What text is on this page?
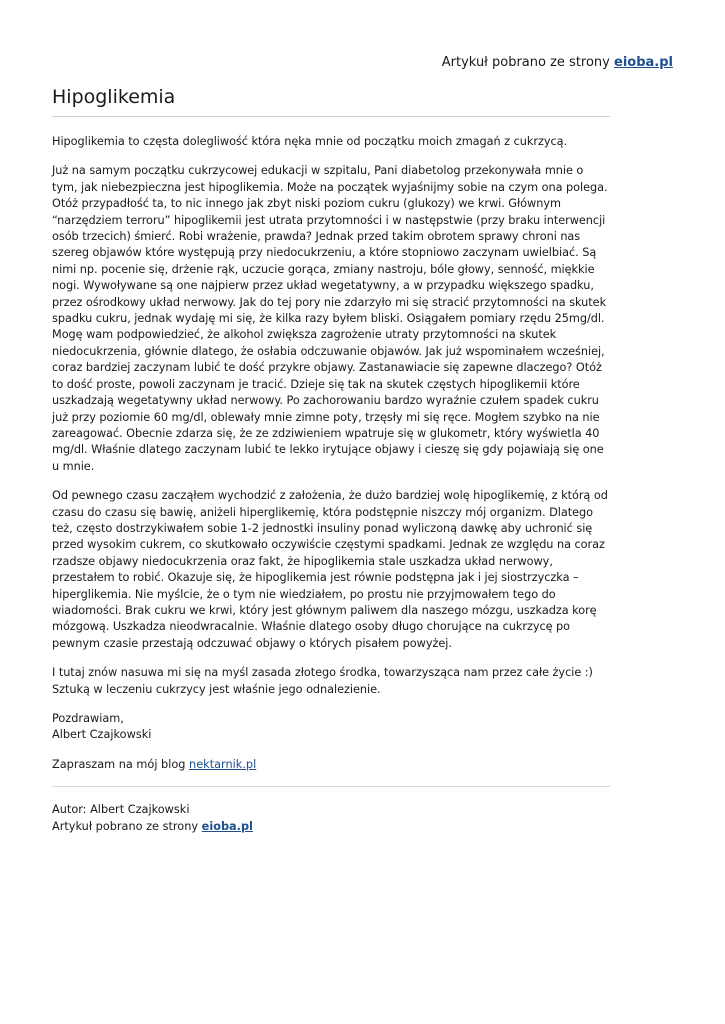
Artykuł pobrano ze strony eioba.pl
Hipoglikemia

Hipoglikemia to częsta dolegliwość która nęka mnie od początku moich zmagań z cukrzycą.

Już na samym początku cukrzycowej edukacji w szpitalu, Pani diabetolog przekonywała mnie o tym, jak niebezpieczna jest hipoglikemia. Może na początek wyjaśnijmy sobie na czym ona polega. Otóż przypadłość ta, to nic innego jak zbyt niski poziom cukru (glukozy) we krwi. Głównym “narzędziem terroru” hipoglikemii jest utrata przytomności i w następstwie (przy braku interwencji osób trzecich) śmierć. Robi wrażenie, prawda? Jednak przed takim obrotem sprawy chroni nas szereg objawów które występują przy niedocukrzeniu, a które stopniowo zaczynam uwielbiać. Są nimi np. pocenie się, drżenie rąk, uczucie gorąca, zmiany nastroju, bóle głowy, senność, miękkie nogi. Wywoływane są one najpierw przez układ wegetatywny, a w przypadku większego spadku, przez ośrodkowy układ nerwowy. Jak do tej pory nie zdarzyło mi się stracić przytomności na skutek spadku cukru, jednak wydaję mi się, że kilka razy byłem bliski. Osiągałem pomiary rzędu 25mg/dl. Mogę wam podpowiedzieć, że alkohol zwiększa zagrożenie utraty przytomności na skutek niedocukrzenia, głównie dlatego, że osłabia odczuwanie objawów. Jak już wspominałem wcześniej, coraz bardziej zaczynam lubić te dość przykre objawy. Zastanawiacie się zapewne dlaczego? Otóż to dość proste, powoli zaczynam je tracić. Dzieje się tak na skutek częstych hipoglikemii które uszkadzają wegetatywny układ nerwowy. Po zachorowaniu bardzo wyraźnie czułem spadek cukru już przy poziomie 60 mg/dl, oblewały mnie zimne poty, trzęsły mi się ręce. Mogłem szybko na nie zareagować. Obecnie zdarza się, że ze zdziwieniem wpatruje się w glukometr, który wyświetla 40 mg/dl. Właśnie dlatego zaczynam lubić te lekko irytujące objawy i cieszę się gdy pojawiają się one u mnie.

Od pewnego czasu zacząłem wychodzić z założenia, że dużo bardziej wolę hipoglikemię, z którą od czasu do czasu się bawię, aniżeli hiperglikemię, która podstępnie niszczy mój organizm. Dlatego też, często dostrzykiwałem sobie 1-2 jednostki insuliny ponad wyliczoną dawkę aby uchronić się przed wysokim cukrem, co skutkowało oczywiście częstymi spadkami. Jednak ze względu na coraz rzadsze objawy niedocukrzenia oraz fakt, że hipoglikemia stale uszkadza układ nerwowy, przestałem to robić. Okazuje się, że hipoglikemia jest równie podstępna jak i jej siostrzyczka – hiperglikemia. Nie myślcie, że o tym nie wiedziałem, po prostu nie przyjmowałem tego do wiadomości. Brak cukru we krwi, który jest głównym paliwem dla naszego mózgu, uszkadza korę mózgową. Uszkadza nieodwracalnie. Właśnie dlatego osoby długo chorujące na cukrzycę po pewnym czasie przestają odczuwać objawy o których pisałem powyżej.

I tutaj znów nasuwa mi się na myśl zasada złotego środka, towarzysząca nam przez całe życie :) Sztuką w leczeniu cukrzycy jest właśnie jego odnalezienie.

Pozdrawiam,
Albert Czajkowski
Zapraszam na mój blog nektarnik.pl
Autor: Albert Czajkowski
Artykuł pobrano ze strony eioba.pl
